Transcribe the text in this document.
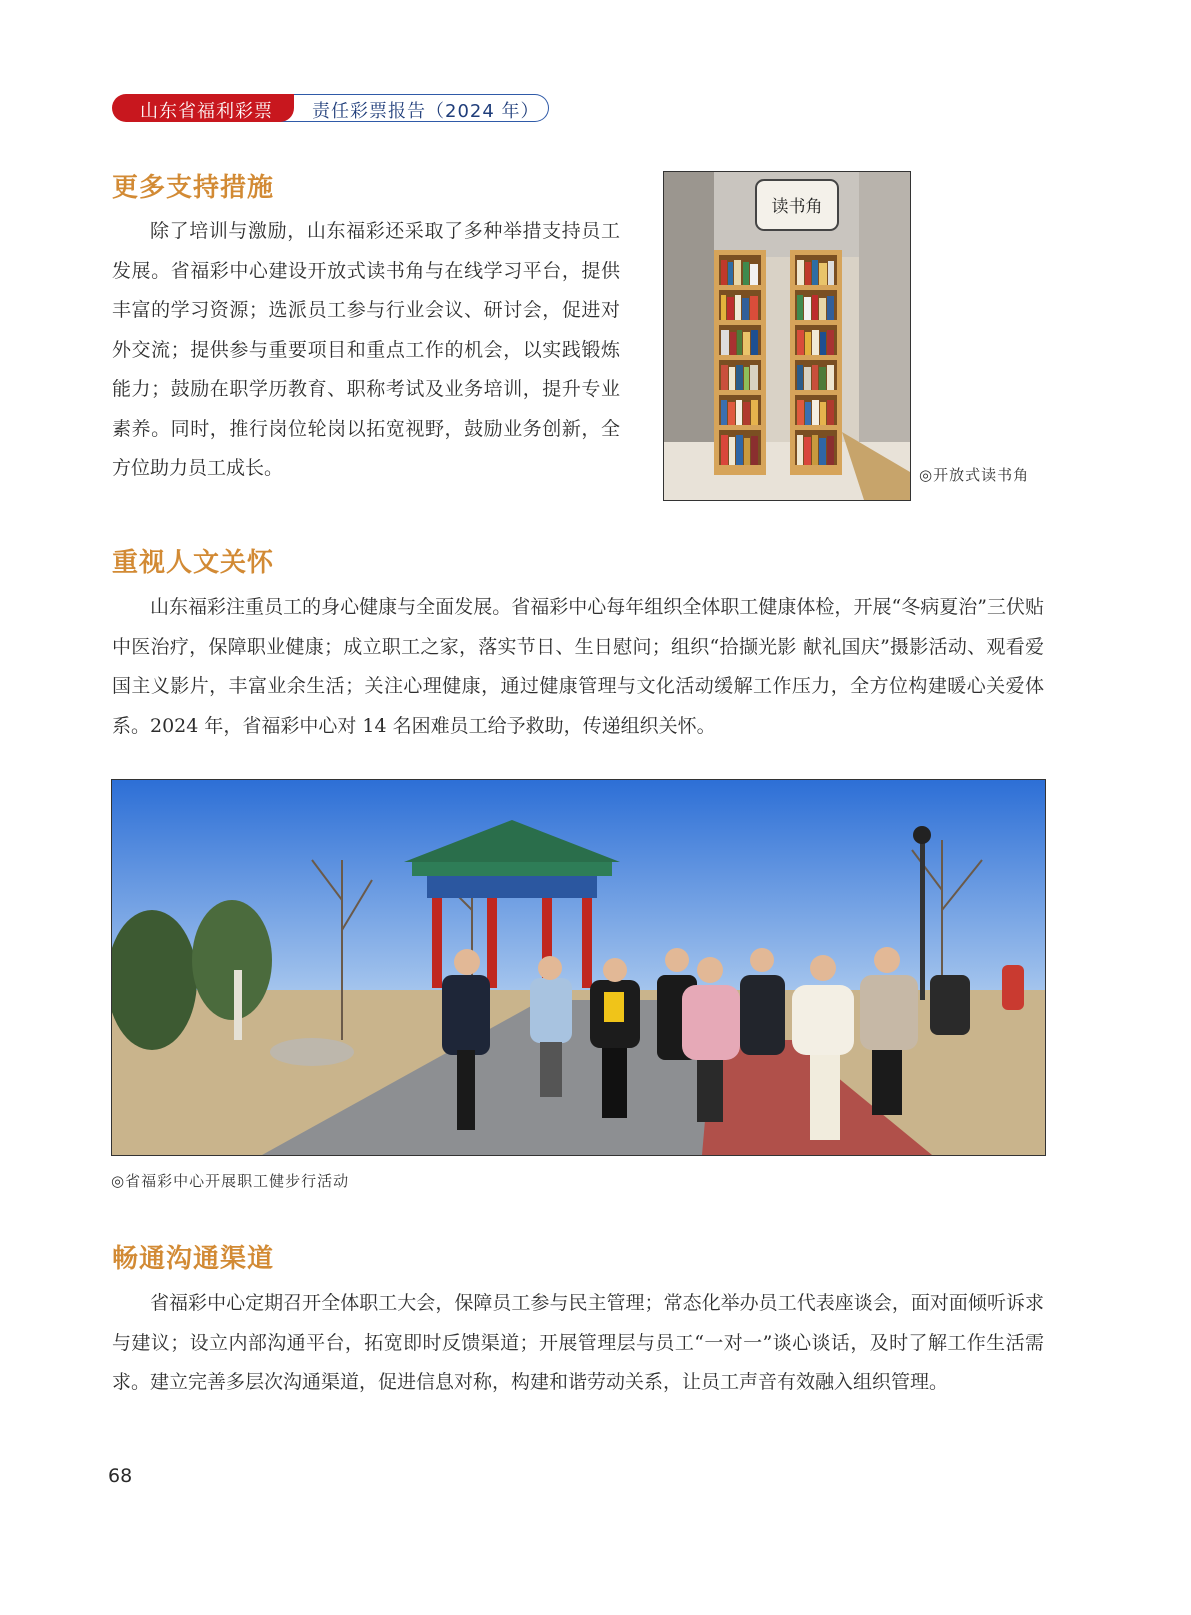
责任彩票报告（2024 年）
山东省福利彩票
更多支持措施

除了培训与激励，山东福彩还采取了多种举措支持员工发展。省福彩中心建设开放式读书角与在线学习平台，提供丰富的学习资源；选派员工参与行业会议、研讨会，促进对外交流；提供参与重要项目和重点工作的机会，以实践锻炼能力；鼓励在职学历教育、职称考试及业务培训，提升专业素养。同时，推行岗位轮岗以拓宽视野，鼓励业务创新，全方位助力员工成长。

读书角
◎开放式读书角
重视人文关怀

山东福彩注重员工的身心健康与全面发展。省福彩中心每年组织全体职工健康体检，开展“冬病夏治”三伏贴中医治疗，保障职业健康；成立职工之家，落实节日、生日慰问；组织“拾撷光影 献礼国庆”摄影活动、观看爱国主义影片，丰富业余生活；关注心理健康，通过健康管理与文化活动缓解工作压力，全方位构建暖心关爱体系。2024 年，省福彩中心对 14 名困难员工给予救助，传递组织关怀。

◎省福彩中心开展职工健步行活动
畅通沟通渠道

省福彩中心定期召开全体职工大会，保障员工参与民主管理；常态化举办员工代表座谈会，面对面倾听诉求与建议；设立内部沟通平台，拓宽即时反馈渠道；开展管理层与员工“一对一”谈心谈话，及时了解工作生活需求。建立完善多层次沟通渠道，促进信息对称，构建和谐劳动关系，让员工声音有效融入组织管理。

68
